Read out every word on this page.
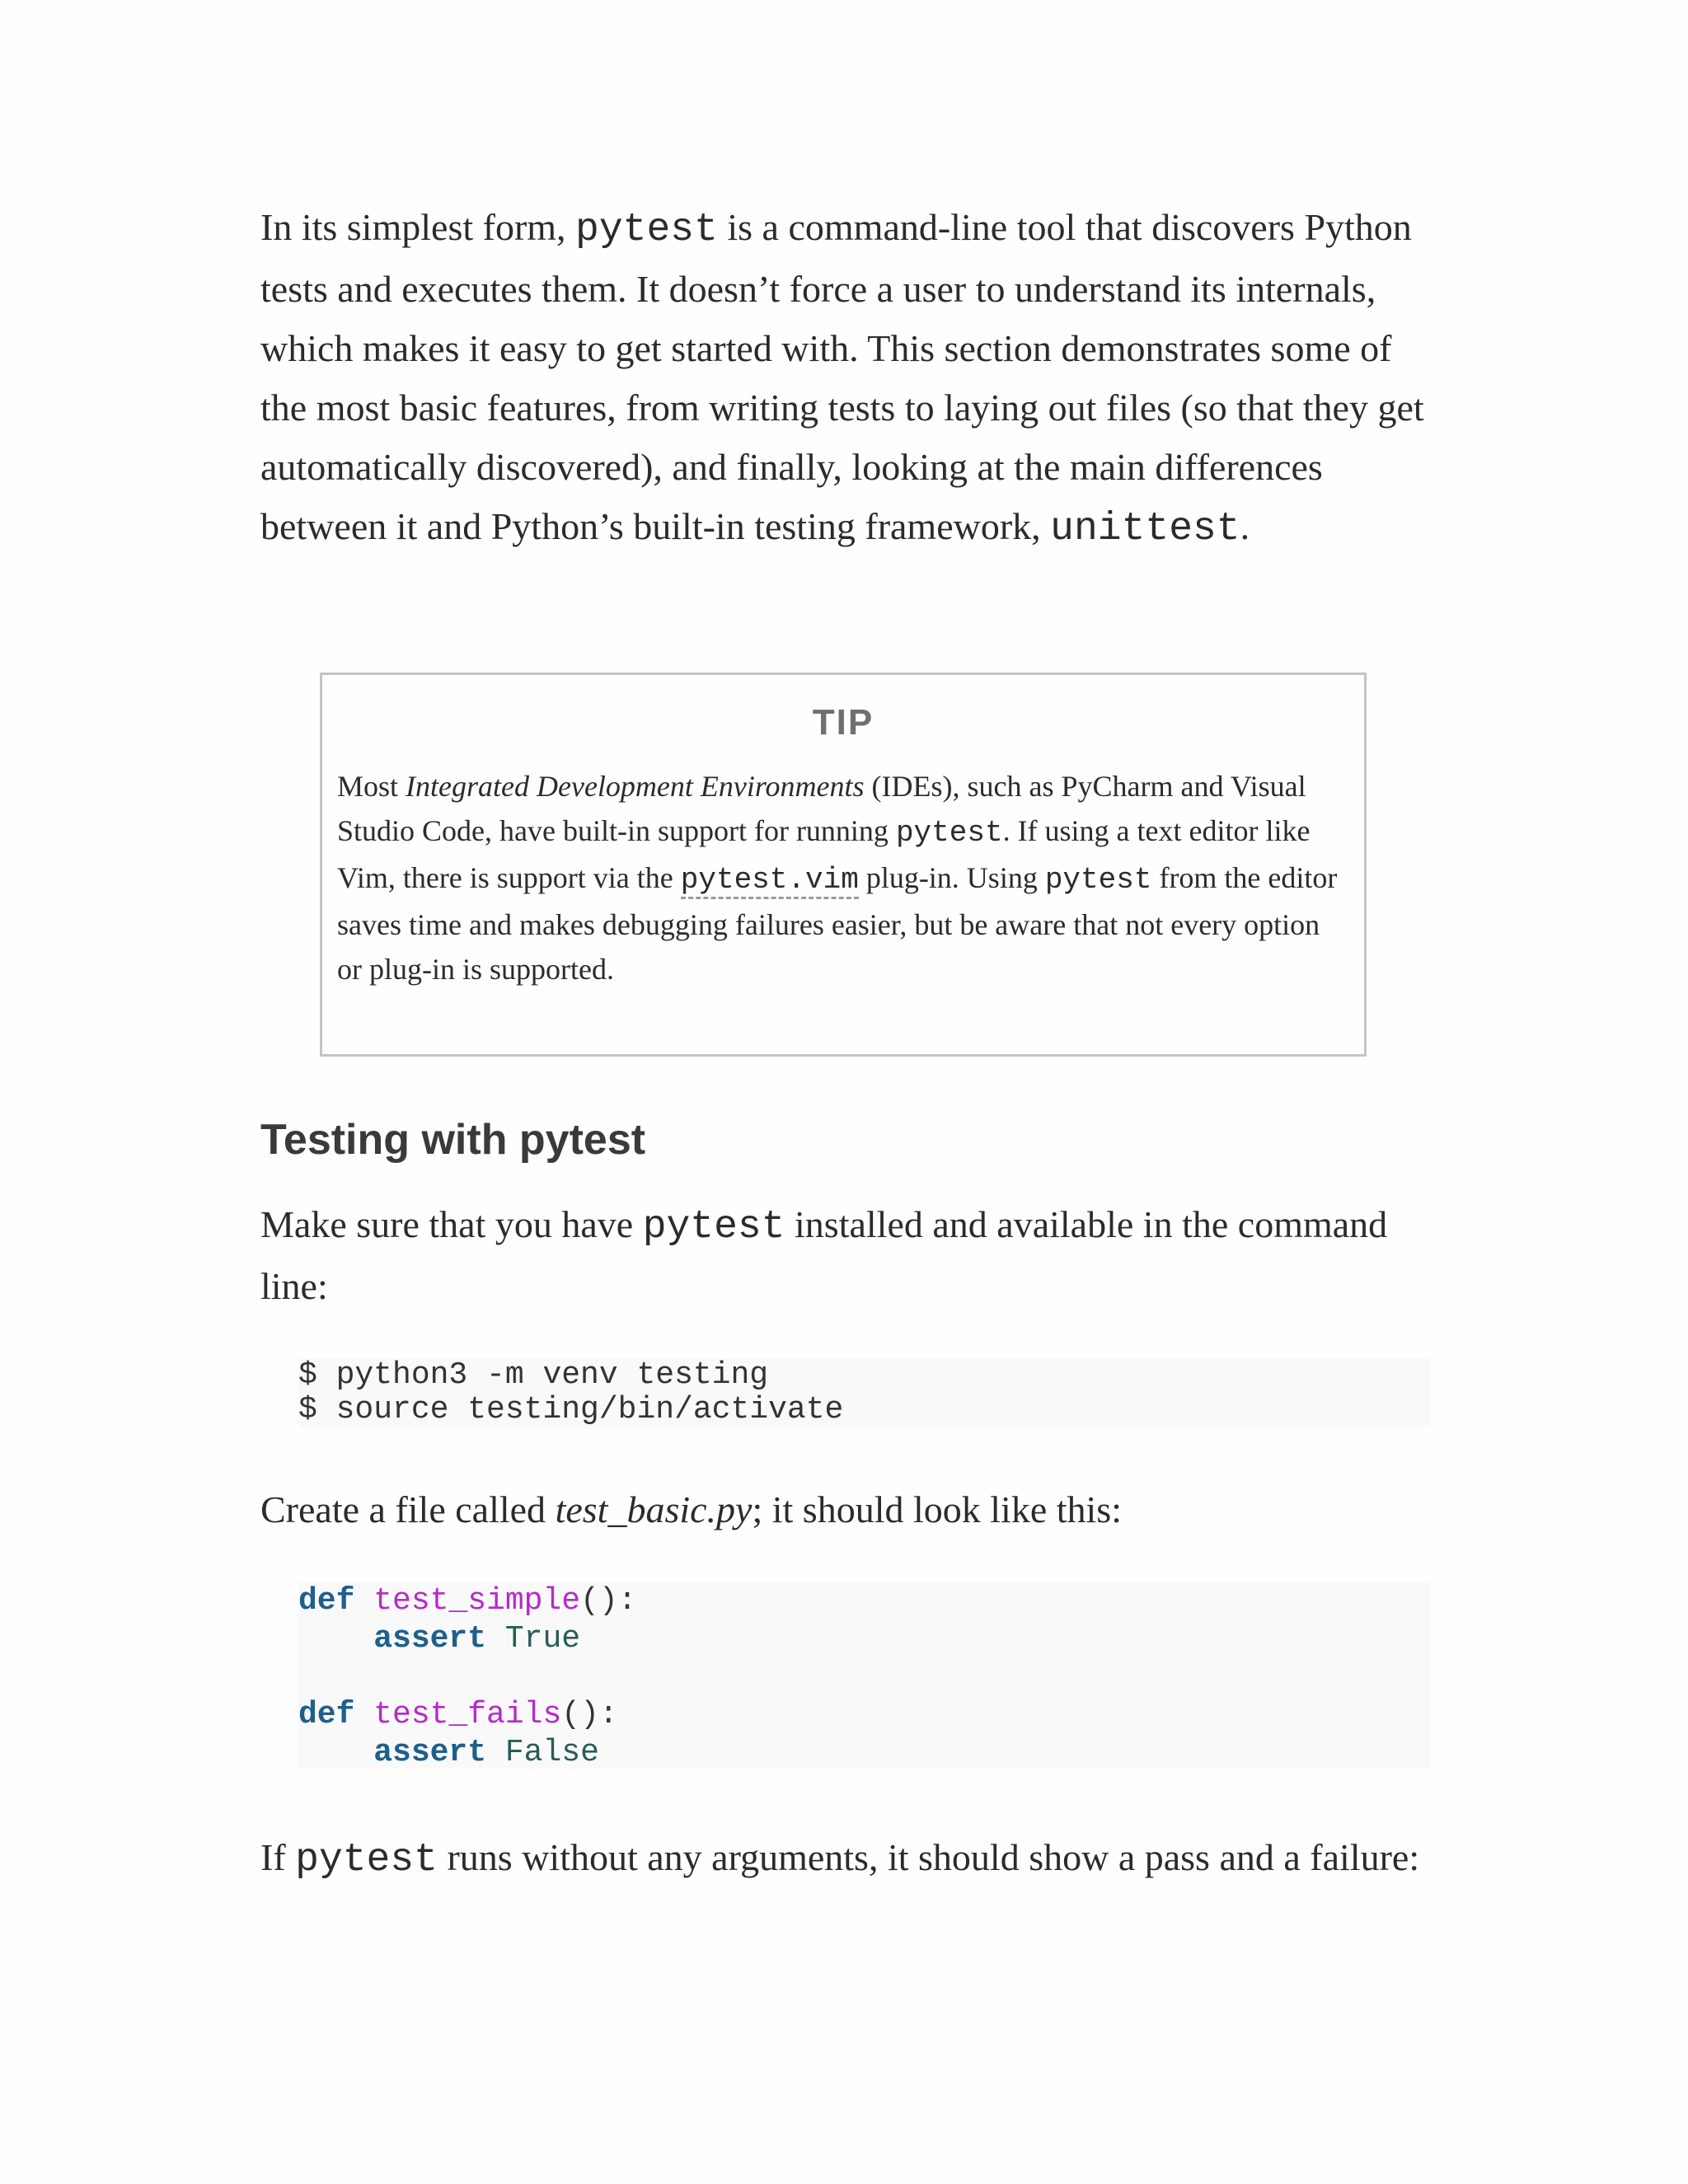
In its simplest form, pytest is a command-line tool that discovers Python tests and executes them. It doesn’t force a user to understand its internals, which makes it easy to get started with. This section demonstrates some of the most basic features, from writing tests to laying out files (so that they get automatically discovered), and finally, looking at the main differences between it and Python’s built-in testing framework, unittest.

TIP

Most Integrated Development Environments (IDEs), such as PyCharm and Visual Studio Code, have built-in support for running pytest. If using a text editor like Vim, there is support via the pytest.vim plug-in. Using pytest from the editor saves time and makes debugging failures easier, but be aware that not every option or plug-in is supported.

Testing with pytest

Make sure that you have pytest installed and available in the command line:

$ python3 -m venv testing
$ source testing/bin/activate

Create a file called test_basic.py; it should look like this:

def test_simple():
assert True

def test_fails():
assert False

If pytest runs without any arguments, it should show a pass and a failure:
